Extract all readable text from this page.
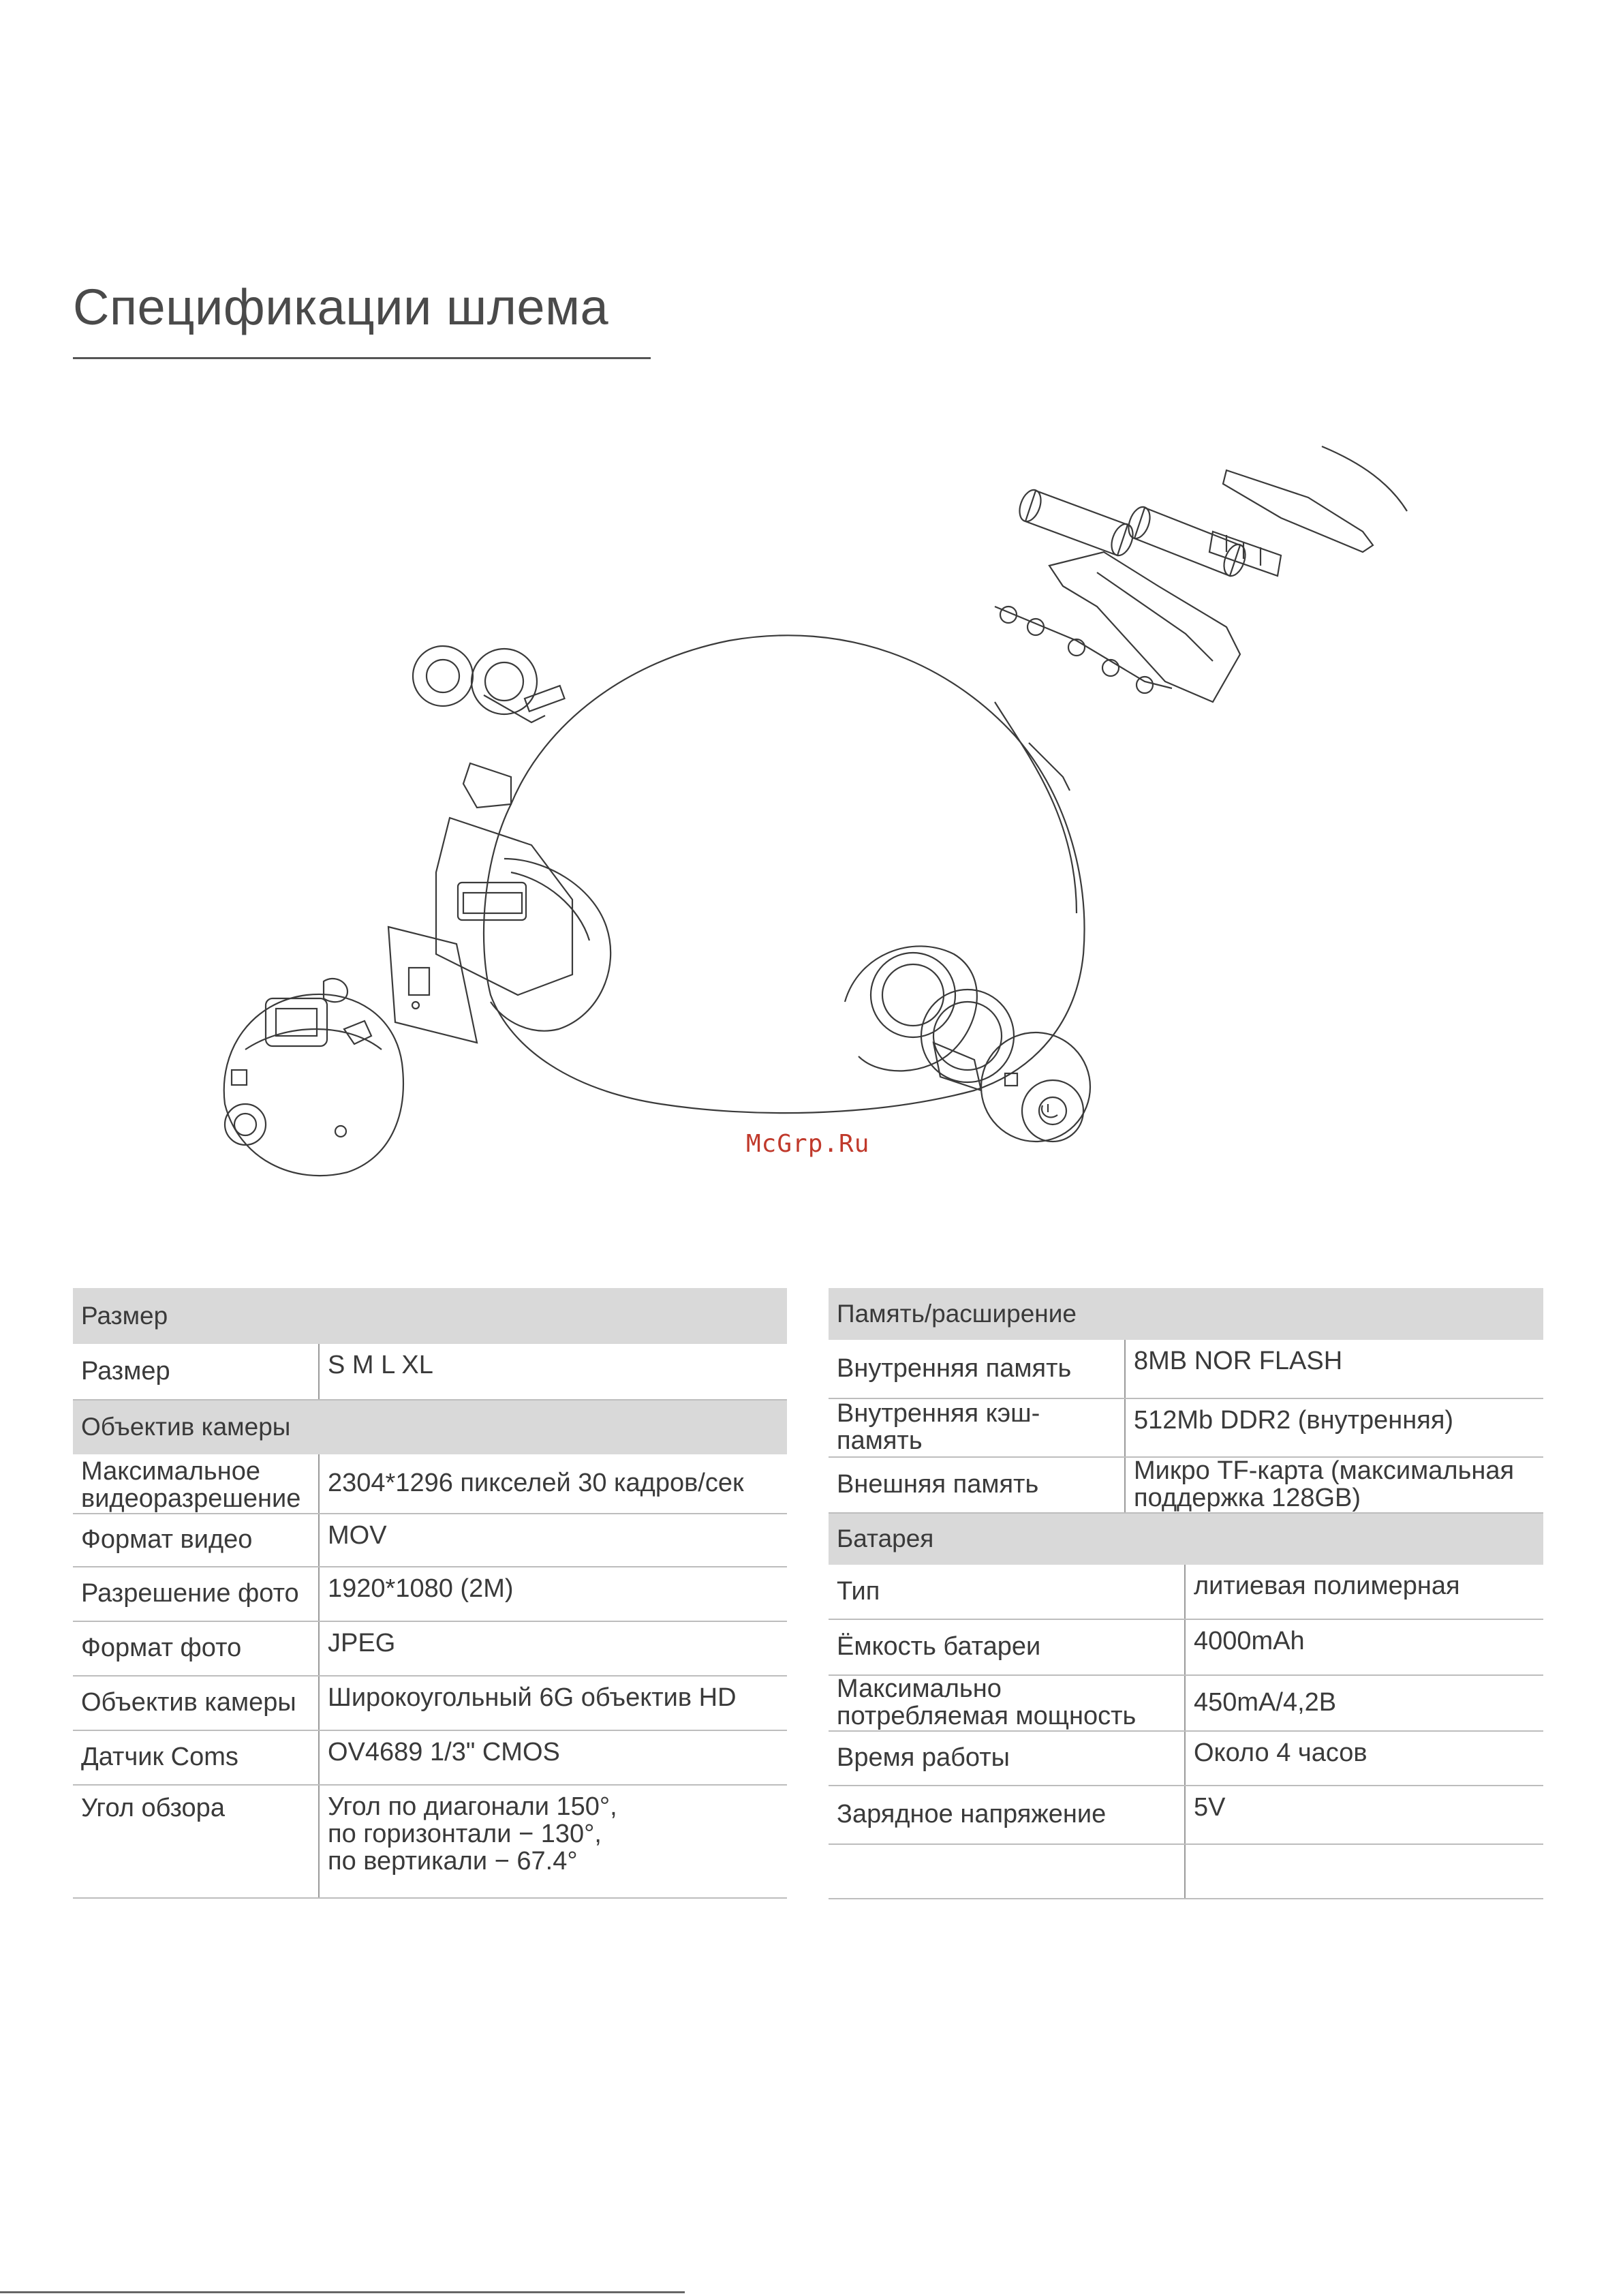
Спецификации шлема
McGrp.Ru
Размер	
Размер	S M L XL
Объектив камеры	
Максимальное
видеоразрешение	2304*1296 пикселей 30 кадров/сек
Формат видео	MOV
Разрешение фото	1920*1080 (2M)
Формат фото	JPEG
Объектив камеры	Широкоугольный 6G объектив HD
Датчик Coms	OV4689 1/3" CMOS
Угол обзора	Угол по диагонали 150°,
по горизонтали − 130°,
по вертикали − 67.4°
Память/расширение	
Внутренняя память	8MB NOR FLASH
Внутренняя кэш-память	512Mb DDR2 (внутренняя)
Внешняя память	Микро TF-карта (максимальная
поддержка 128GB)
Батарея	
Тип	литиевая полимерная
Ёмкость батареи	4000mAh
Максимально
потребляемая мощность	450mA/4,2В
Время работы	Около 4 часов
Зарядное напряжение	5V
